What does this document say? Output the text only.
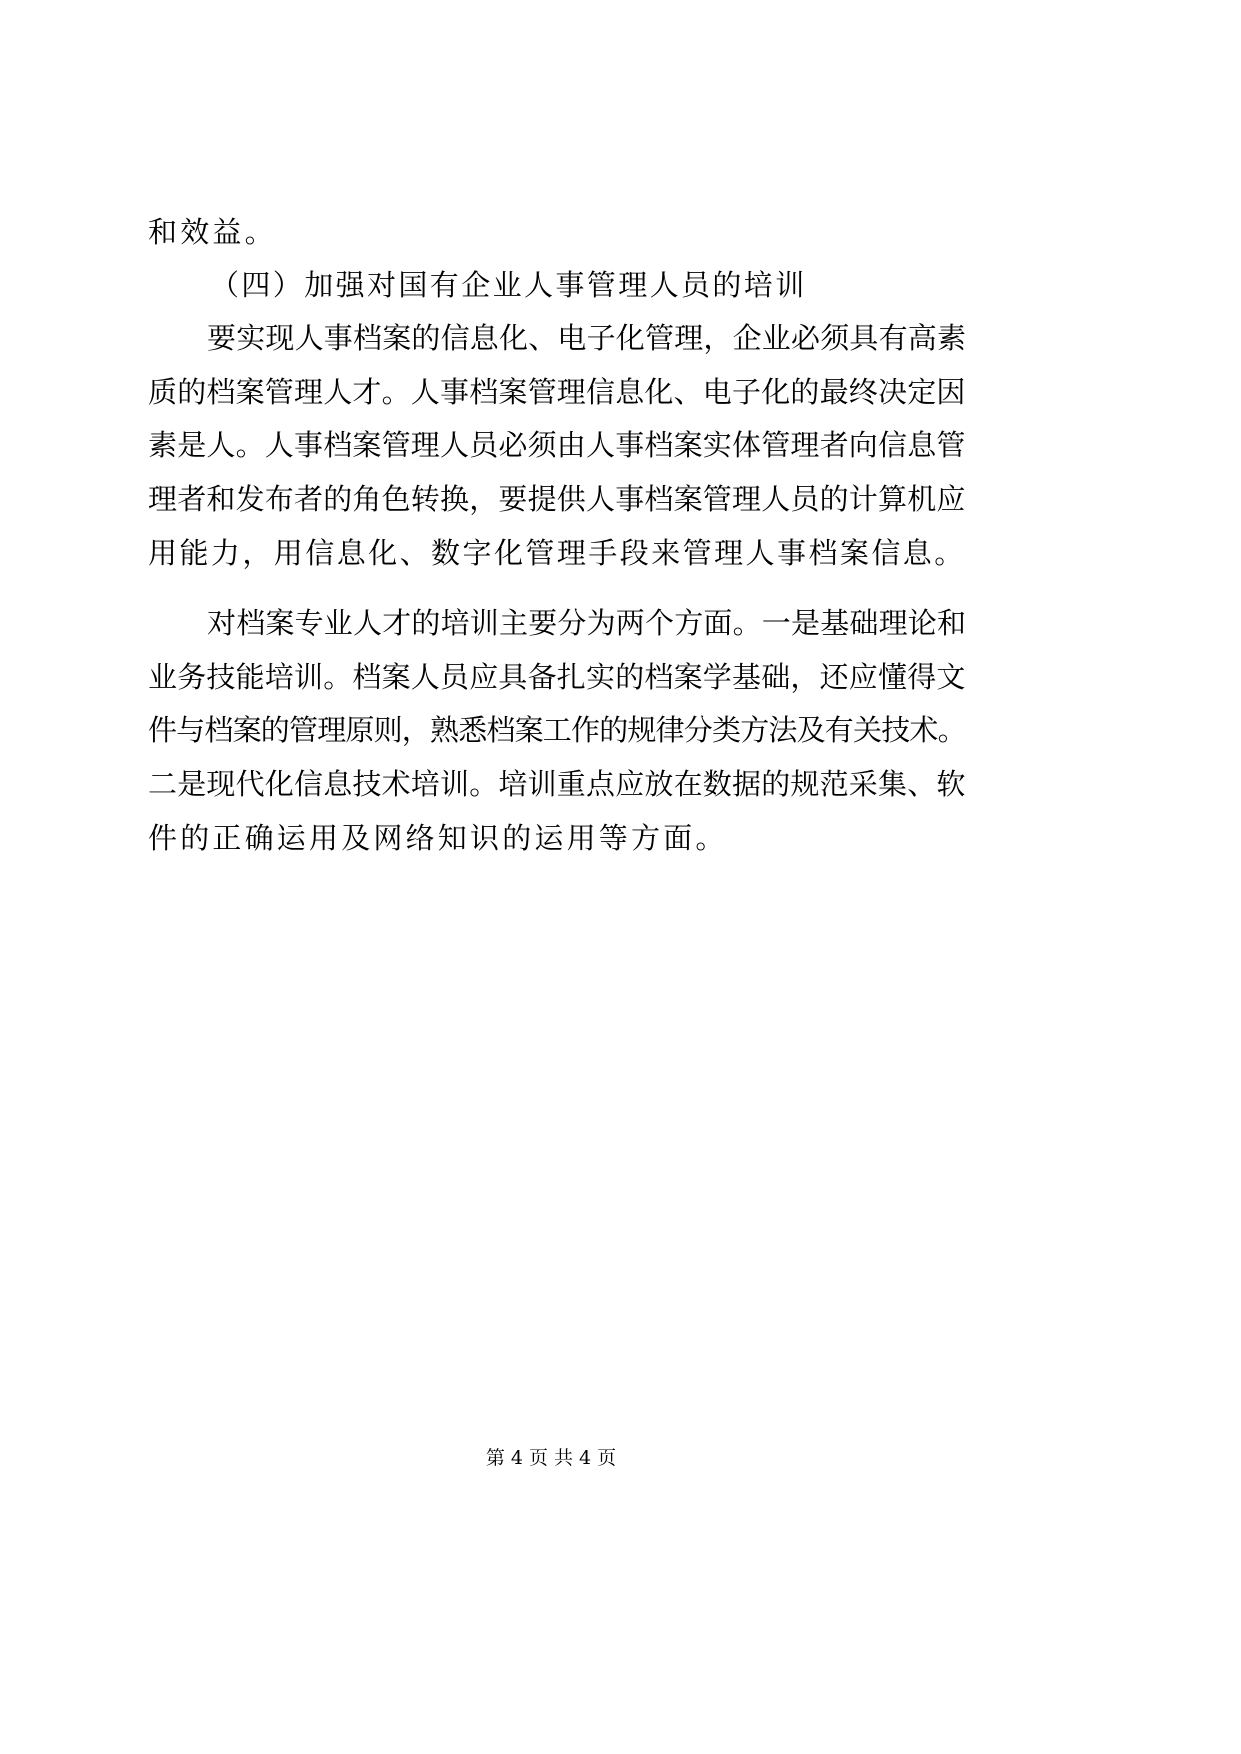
和效益。
（四）加强对国有企业人事管理人员的培训
要实现人事档案的信息化、电子化管理，企业必须具有高素
质的档案管理人才。人事档案管理信息化、电子化的最终决定因
素是人。人事档案管理人员必须由人事档案实体管理者向信息管
理者和发布者的角色转换，要提供人事档案管理人员的计算机应
用能力，用信息化、数字化管理手段来管理人事档案信息。
对档案专业人才的培训主要分为两个方面。一是基础理论和
业务技能培训。档案人员应具备扎实的档案学基础，还应懂得文
件与档案的管理原则，熟悉档案工作的规律分类方法及有关技术。
二是现代化信息技术培训。培训重点应放在数据的规范采集、软
件的正确运用及网络知识的运用等方面。
第 4 页 共 4 页
